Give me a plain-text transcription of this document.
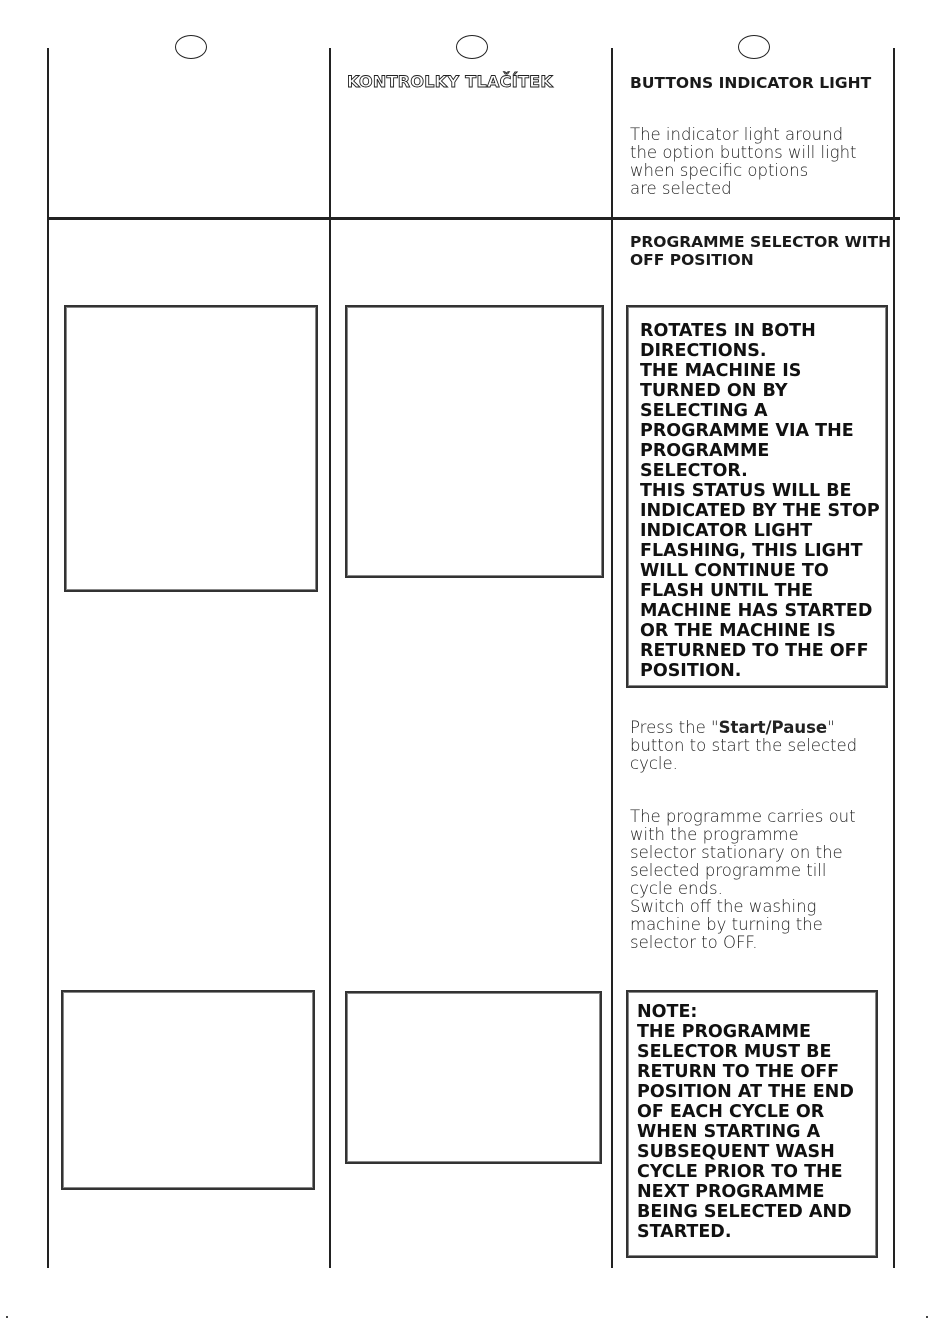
KONTROLKY TLAČÍTEK	BUTTONS INDICATOR LIGHT
The indicator light around
the option buttons will light
when specific options
are selected
PROGRAMME SELECTOR WITH
OFF POSITION
ROTATES IN BOTH
DIRECTIONS.
THE MACHINE IS
TURNED ON BY
SELECTING A
PROGRAMME VIA THE
PROGRAMME
SELECTOR.
THIS STATUS WILL BE
INDICATED BY THE STOP
INDICATOR LIGHT
FLASHING, THIS LIGHT
WILL CONTINUE TO
FLASH UNTIL THE
MACHINE HAS STARTED
OR THE MACHINE IS
RETURNED TO THE OFF
POSITION.
Press the "Start/Pause"
button to start the selected
cycle.
The programme carries out
with the programme
selector stationary on the
selected programme till
cycle ends.
Switch off the washing
machine by turning the
selector to OFF.
NOTE:
THE PROGRAMME
SELECTOR MUST BE
RETURN TO THE OFF
POSITION AT THE END
OF EACH CYCLE OR
WHEN STARTING A
SUBSEQUENT WASH
CYCLE PRIOR TO THE
NEXT PROGRAMME
BEING SELECTED AND
STARTED.
